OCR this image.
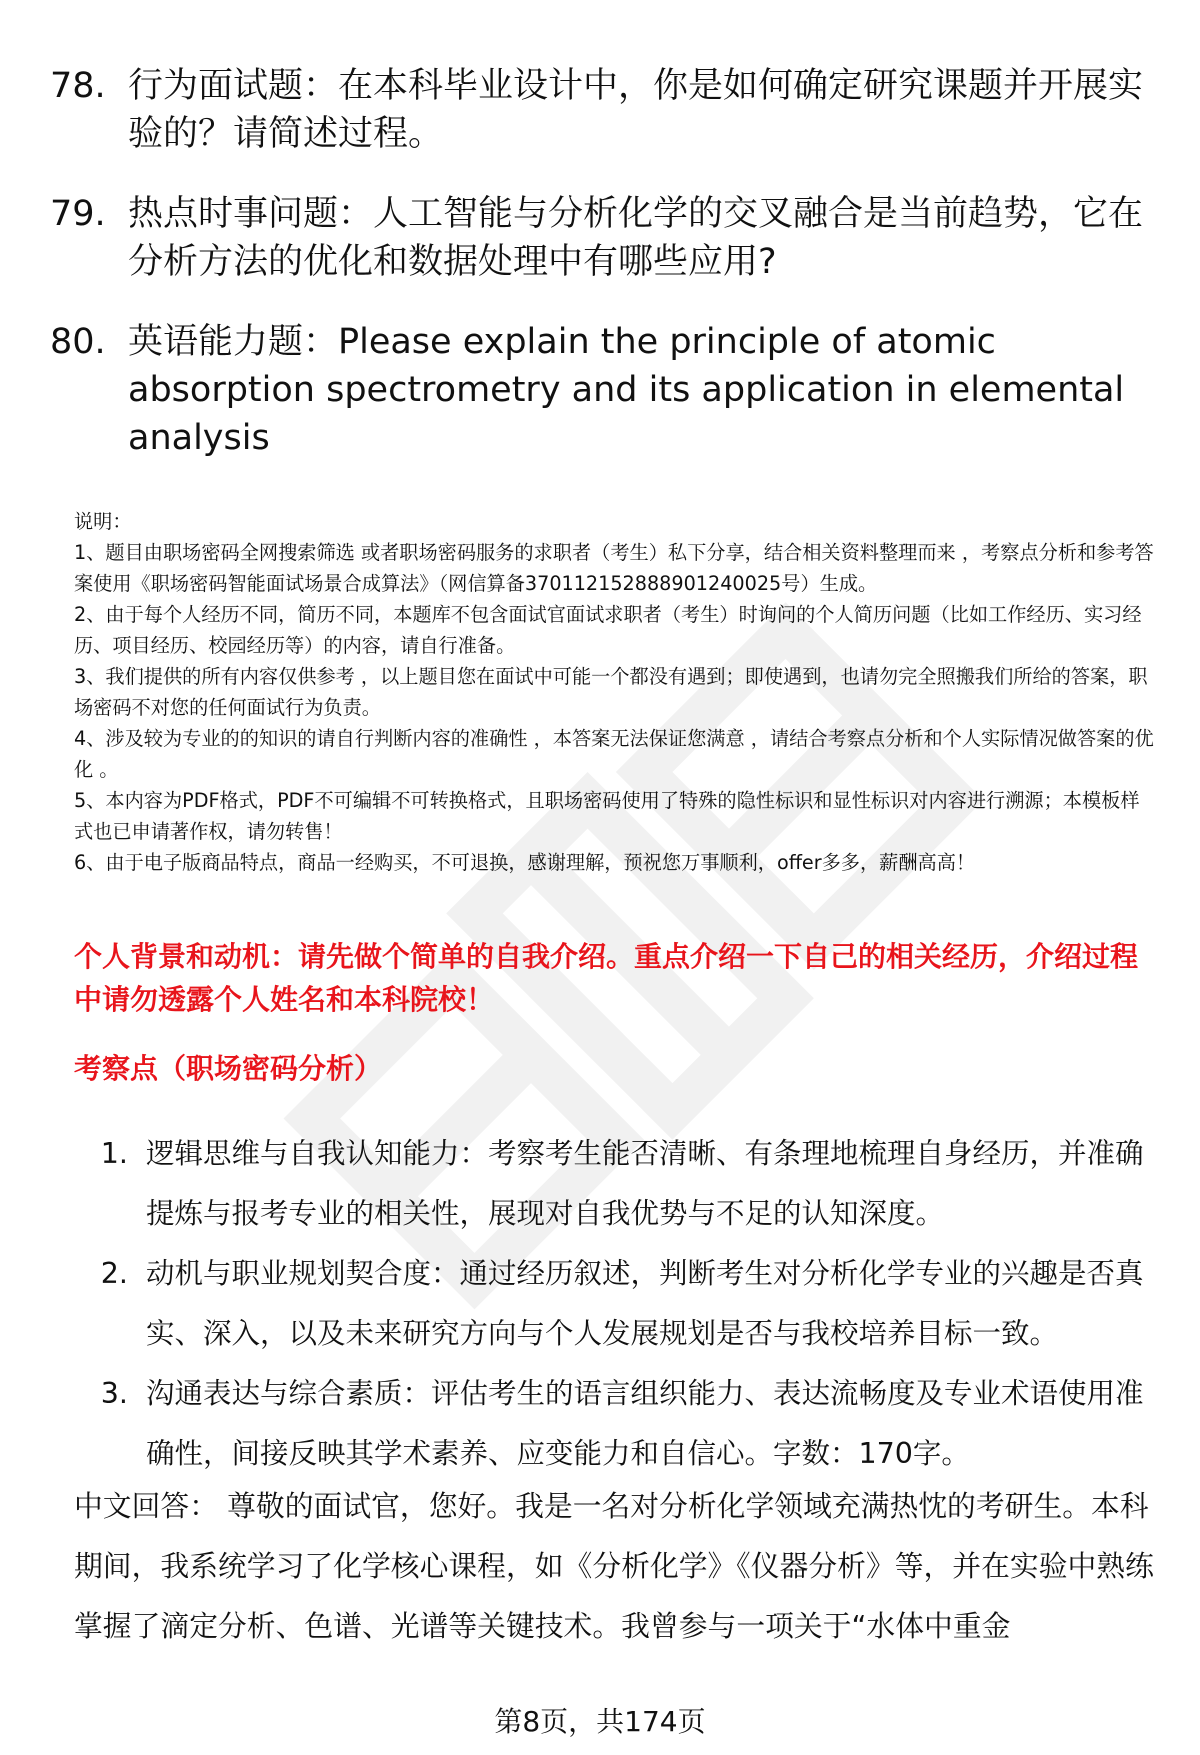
78. 行为面试题：在本科毕业设计中，你是如何确定研究课题并开展实验的？请简述过程。
79. 热点时事问题：人工智能与分析化学的交叉融合是当前趋势，它在分析方法的优化和数据处理中有哪些应用?
80. 英语能力题：Please explain the principle of atomic absorption spectrometry and its application in elemental analysis

说明：

1、题目由职场密码全网搜索筛选 或者职场密码服务的求职者（考生）私下分享，结合相关资料整理而来 ，考察点分析和参考答案使用《职场密码智能面试场景合成算法》（网信算备370112152888901240025号）生成。

2、由于每个人经历不同，简历不同，本题库不包含面试官面试求职者（考生）时询问的个人简历问题（比如工作经历、实习经历、项目经历、校园经历等）的内容，请自行准备。

3、我们提供的所有内容仅供参考 ，以上题目您在面试中可能一个都没有遇到；即使遇到，也请勿完全照搬我们所给的答案，职场密码不对您的任何面试行为负责。

4、涉及较为专业的的知识的请自行判断内容的准确性 ，本答案无法保证您满意 ，请结合考察点分析和个人实际情况做答案的优化 。

5、本内容为PDF格式，PDF不可编辑不可转换格式，且职场密码使用了特殊的隐性标识和显性标识对内容进行溯源；本模板样式也已申请著作权，请勿转售！

6、由于电子版商品特点，商品一经购买，不可退换，感谢理解，预祝您万事顺利，offer多多，薪酬高高！

个人背景和动机：请先做个简单的自我介绍。重点介绍一下自己的相关经历，介绍过程中请勿透露个人姓名和本科院校！
考察点（职场密码分析）
1. 逻辑思维与自我认知能力：考察考生能否清晰、有条理地梳理自身经历，并准确提炼与报考专业的相关性，展现对自我优势与不足的认知深度。
2. 动机与职业规划契合度：通过经历叙述，判断考生对分析化学专业的兴趣是否真实、深入，以及未来研究方向与个人发展规划是否与我校培养目标一致。
3. 沟通表达与综合素质：评估考生的语言组织能力、表达流畅度及专业术语使用准确性，间接反映其学术素养、应变能力和自信心。字数：170字。
中文回答： 尊敬的面试官，您好。我是一名对分析化学领域充满热忱的考研生。本科期间，我系统学习了化学核心课程，如《分析化学》《仪器分析》等，并在实验中熟练掌握了滴定分析、色谱、光谱等关键技术。我曾参与一项关于“水体中重金
第8页，共174页
